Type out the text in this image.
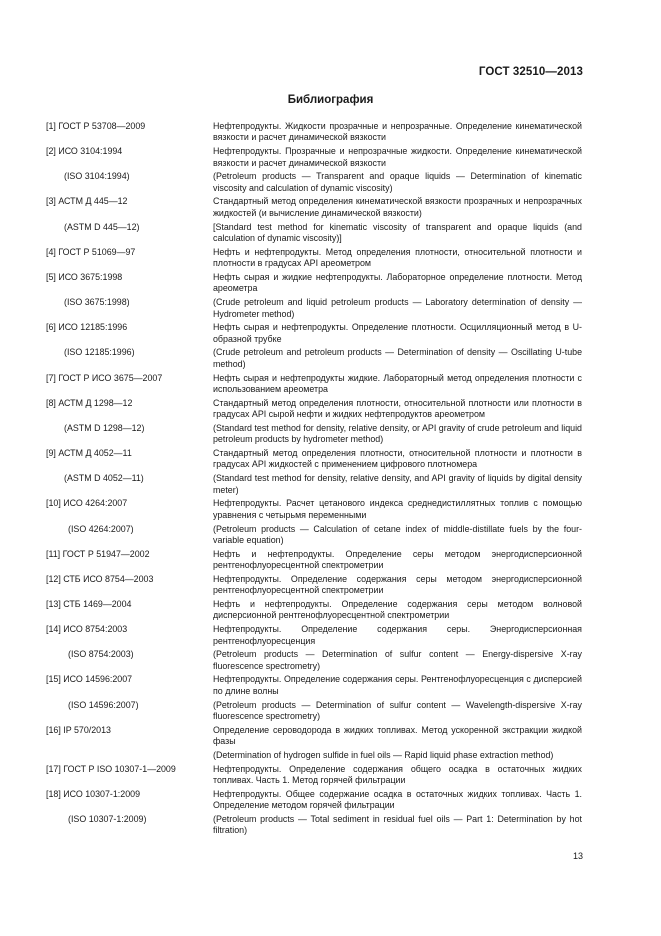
ГОСТ 32510—2013
Библиография
[1] ГОСТ Р 53708—2009	Нефтепродукты. Жидкости прозрачные и непрозрачные. Определение кинематической вязкости и расчет динамической вязкости
[2] ИСО 3104:1994	Нефтепродукты. Прозрачные и непрозрачные жидкости. Определение кинематической вязкости и расчет динамической вязкости
(ISO 3104:1994)	(Petroleum products — Transparent and opaque liquids — Determination of kinematic viscosity and calculation of dynamic viscosity)
[3] АСТМ Д 445—12	Стандартный метод определения кинематической вязкости прозрачных и непрозрачных жидкостей (и вычисление динамической вязкости)
(ASTM D 445—12)	[Standard test method for kinematic viscosity of transparent and opaque liquids (and calculation of dynamic viscosity)]
[4] ГОСТ Р 51069—97	Нефть и нефтепродукты. Метод определения плотности, относительной плотности и плотности в градусах API ареометром
[5] ИСО 3675:1998	Нефть сырая и жидкие нефтепродукты. Лабораторное определение плотности. Метод ареометра
(ISO 3675:1998)	(Crude petroleum and liquid petroleum products — Laboratory determination of density — Hydrometer method)
[6] ИСО 12185:1996	Нефть сырая и нефтепродукты. Определение плотности. Осцилляционный метод в U-образной трубке
(ISO 12185:1996)	(Crude petroleum and petroleum products — Determination of density — Oscillating U-tube method)
[7] ГОСТ Р ИСО 3675—2007	Нефть сырая и нефтепродукты жидкие. Лабораторный метод определения плотности с использованием ареометра
[8] АСТМ Д 1298—12	Стандартный метод определения плотности, относительной плотности или плотности в градусах API сырой нефти и жидких нефтепродуктов ареометром
(ASTM D 1298—12)	(Standard test method for density, relative density, or API gravity of crude petroleum and liquid petroleum products by hydrometer method)
[9] АСТМ Д 4052—11	Стандартный метод определения плотности, относительной плотности и плотности в градусах API жидкостей с применением цифрового плотномера
(ASTM D 4052—11)	(Standard test method for density, relative density, and API gravity of liquids by digital density meter)
[10] ИСО 4264:2007	Нефтепродукты. Расчет цетанового индекса среднедистиллятных топлив с помощью уравнения с четырьмя переменными
(ISO 4264:2007)	(Petroleum products — Calculation of cetane index of middle-distillate fuels by the four-variable equation)
[11] ГОСТ Р 51947—2002	Нефть и нефтепродукты. Определение серы методом энергодисперсионной рентгенофлуоресцентной спектрометрии
[12] СТБ ИСО 8754—2003	Нефтепродукты. Определение содержания серы методом энергодисперсионной рентгенофлуоресцентной спектрометрии
[13] СТБ 1469—2004	Нефть и нефтепродукты. Определение содержания серы методом волновой дисперсионной рентгенофлуоресцентной спектрометрии
[14] ИСО 8754:2003	Нефтепродукты. Определение содержания серы. Энергодисперсионная рентгенофлуоресценция
(ISO 8754:2003)	(Petroleum products — Determination of sulfur content — Energy-dispersive X-ray fluorescence spectrometry)
[15] ИСО 14596:2007	Нефтепродукты. Определение содержания серы. Рентгенофлуоресценция с дисперсией по длине волны
(ISO 14596:2007)	(Petroleum products — Determination of sulfur content — Wavelength-dispersive X-ray fluorescence spectrometry)
[16] IP 570/2013	Определение сероводорода в жидких топливах. Метод ускоренной экстракции жидкой фазы
(Determination of hydrogen sulfide in fuel oils — Rapid liquid phase extraction method)
[17] ГОСТ Р ISO 10307-1—2009	Нефтепродукты. Определение содержания общего осадка в остаточных жидких топливах. Часть 1. Метод горячей фильтрации
[18] ИСО 10307-1:2009	Нефтепродукты. Общее содержание осадка в остаточных жидких топливах. Часть 1. Определение методом горячей фильтрации
(ISO 10307-1:2009)	(Petroleum products — Total sediment in residual fuel oils — Part 1: Determination by hot filtration)
13
